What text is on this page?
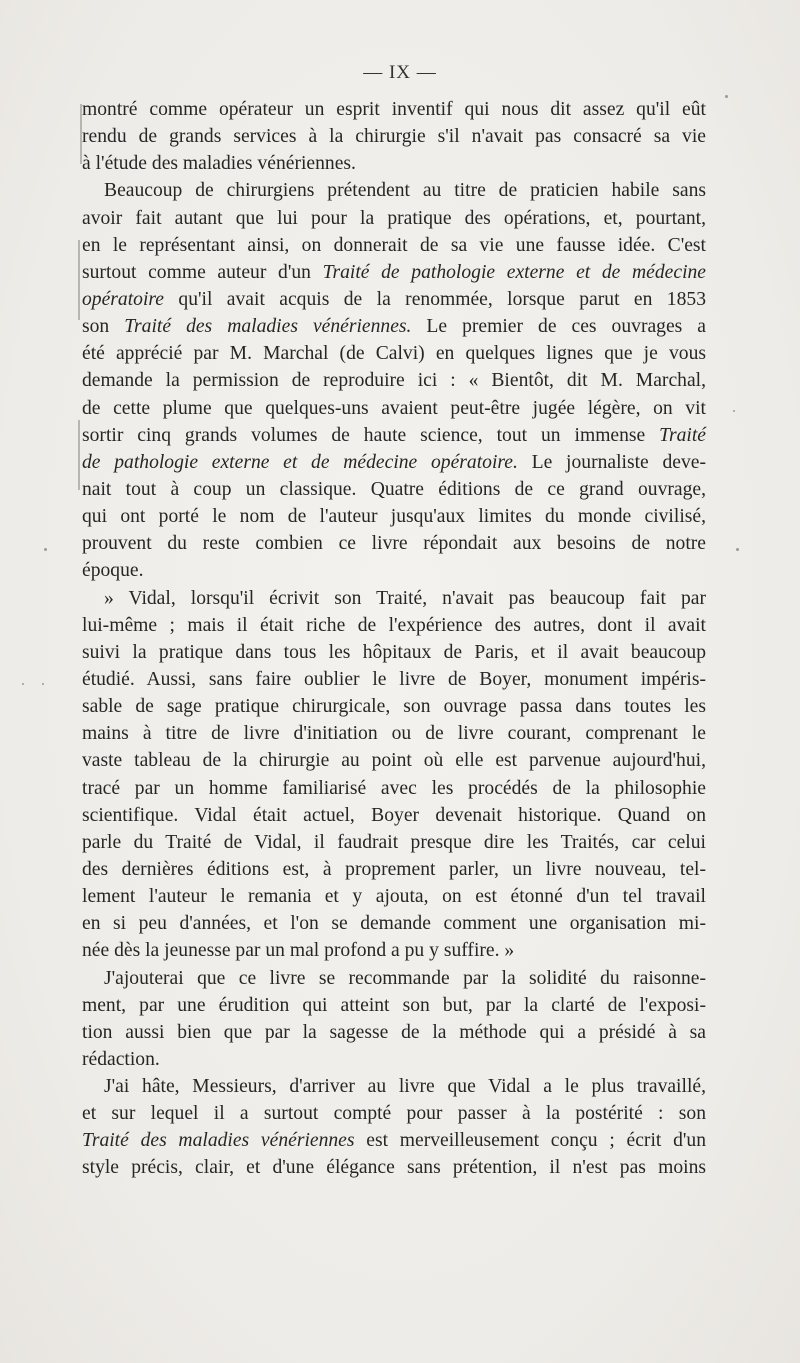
— IX —
montré comme opérateur un esprit inventif qui nous dit assez qu'il eût
rendu de grands services à la chirurgie s'il n'avait pas consacré sa vie
à l'étude des maladies vénériennes.
Beaucoup de chirurgiens prétendent au titre de praticien habile sans
avoir fait autant que lui pour la pratique des opérations, et, pourtant,
en le représentant ainsi, on donnerait de sa vie une fausse idée. C'est
surtout comme auteur d'un Traité de pathologie externe et de médecine
opératoire qu'il avait acquis de la renommée, lorsque parut en 1853
son Traité des maladies vénériennes. Le premier de ces ouvrages a
été apprécié par M. Marchal (de Calvi) en quelques lignes que je vous
demande la permission de reproduire ici : « Bientôt, dit M. Marchal,
de cette plume que quelques-uns avaient peut-être jugée légère, on vit
sortir cinq grands volumes de haute science, tout un immense Traité
de pathologie externe et de médecine opératoire. Le journaliste deve-
nait tout à coup un classique. Quatre éditions de ce grand ouvrage,
qui ont porté le nom de l'auteur jusqu'aux limites du monde civilisé,
prouvent du reste combien ce livre répondait aux besoins de notre
époque.
» Vidal, lorsqu'il écrivit son Traité, n'avait pas beaucoup fait par
lui-même ; mais il était riche de l'expérience des autres, dont il avait
suivi la pratique dans tous les hôpitaux de Paris, et il avait beaucoup
étudié. Aussi, sans faire oublier le livre de Boyer, monument impéris-
sable de sage pratique chirurgicale, son ouvrage passa dans toutes les
mains à titre de livre d'initiation ou de livre courant, comprenant le
vaste tableau de la chirurgie au point où elle est parvenue aujourd'hui,
tracé par un homme familiarisé avec les procédés de la philosophie
scientifique. Vidal était actuel, Boyer devenait historique. Quand on
parle du Traité de Vidal, il faudrait presque dire les Traités, car celui
des dernières éditions est, à proprement parler, un livre nouveau, tel-
lement l'auteur le remania et y ajouta, on est étonné d'un tel travail
en si peu d'années, et l'on se demande comment une organisation mi-
née dès la jeunesse par un mal profond a pu y suffire. »
J'ajouterai que ce livre se recommande par la solidité du raisonne-
ment, par une érudition qui atteint son but, par la clarté de l'exposi-
tion aussi bien que par la sagesse de la méthode qui a présidé à sa
rédaction.
J'ai hâte, Messieurs, d'arriver au livre que Vidal a le plus travaillé,
et sur lequel il a surtout compté pour passer à la postérité : son
Traité des maladies vénériennes est merveilleusement conçu ; écrit d'un
style précis, clair, et d'une élégance sans prétention, il n'est pas moins
